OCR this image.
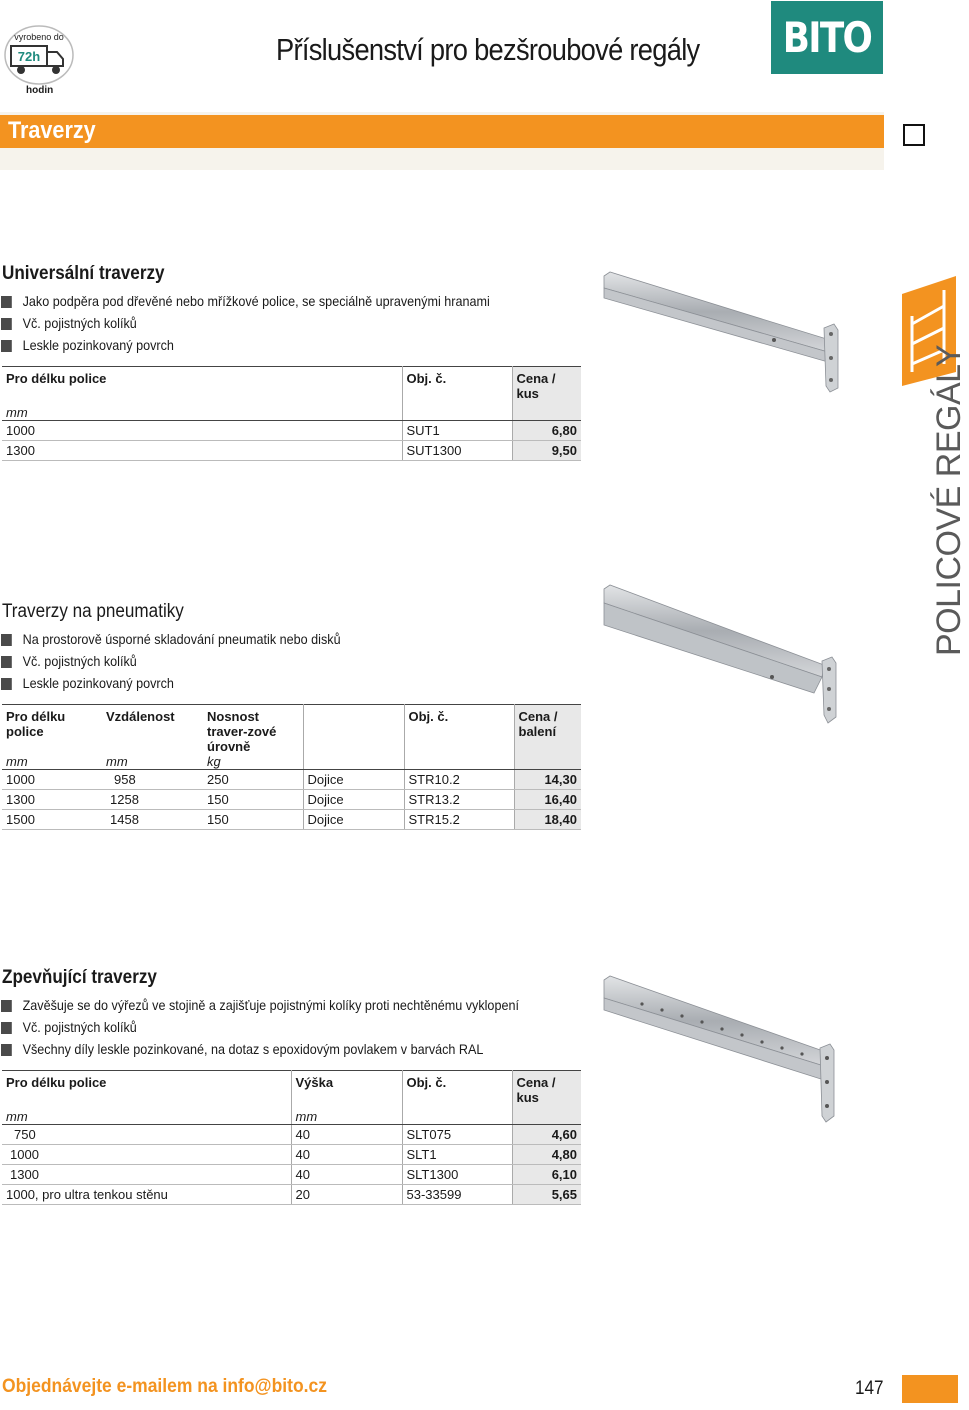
vyrobeno do
72h
hodin
Příslušenství pro bezšroubové regály BITO
Traverzy
Universální traverzy
Jako podpěra pod dřevěné nebo mřížkové police, se speciálně upravenými hranami
Vč. pojistných kolíků
Leskle pozinkovaný povrch
Pro délku police	Obj. č.	Cena / kus
mm		
1000	SUT1	6,80
1300	SUT1300	9,50
Traverzy na pneumatiky
Na prostorově úsporné skladování pneumatik nebo disků
Vč. pojistných kolíků
Leskle pozinkovaný povrch
Pro délku police	Vzdálenost	Nosnost traver-zové úrovně		Obj. č.	Cena / balení
mm	mm	kg			
1000	958	250	Dojice	STR10.2	14,30
1300	1258	150	Dojice	STR13.2	16,40
1500	1458	150	Dojice	STR15.2	18,40
Zpevňující traverzy
Zavěšuje se do výřezů ve stojině a zajišťuje pojistnými kolíky proti nechtěnému vyklopení
Vč. pojistných kolíků
Všechny díly leskle pozinkované, na dotaz s epoxidovým povlakem v barvách RAL
Pro délku police	Výška	Obj. č.	Cena / kus
mm	mm		
750	40	SLT075	4,60
1000	40	SLT1	4,80
1300	40	SLT1300	6,10
1000, pro ultra tenkou stěnu	20	53-33599	5,65
POLICOVÉ REGÁLY
Objednávejte e-mailem na info@bito.cz	147
